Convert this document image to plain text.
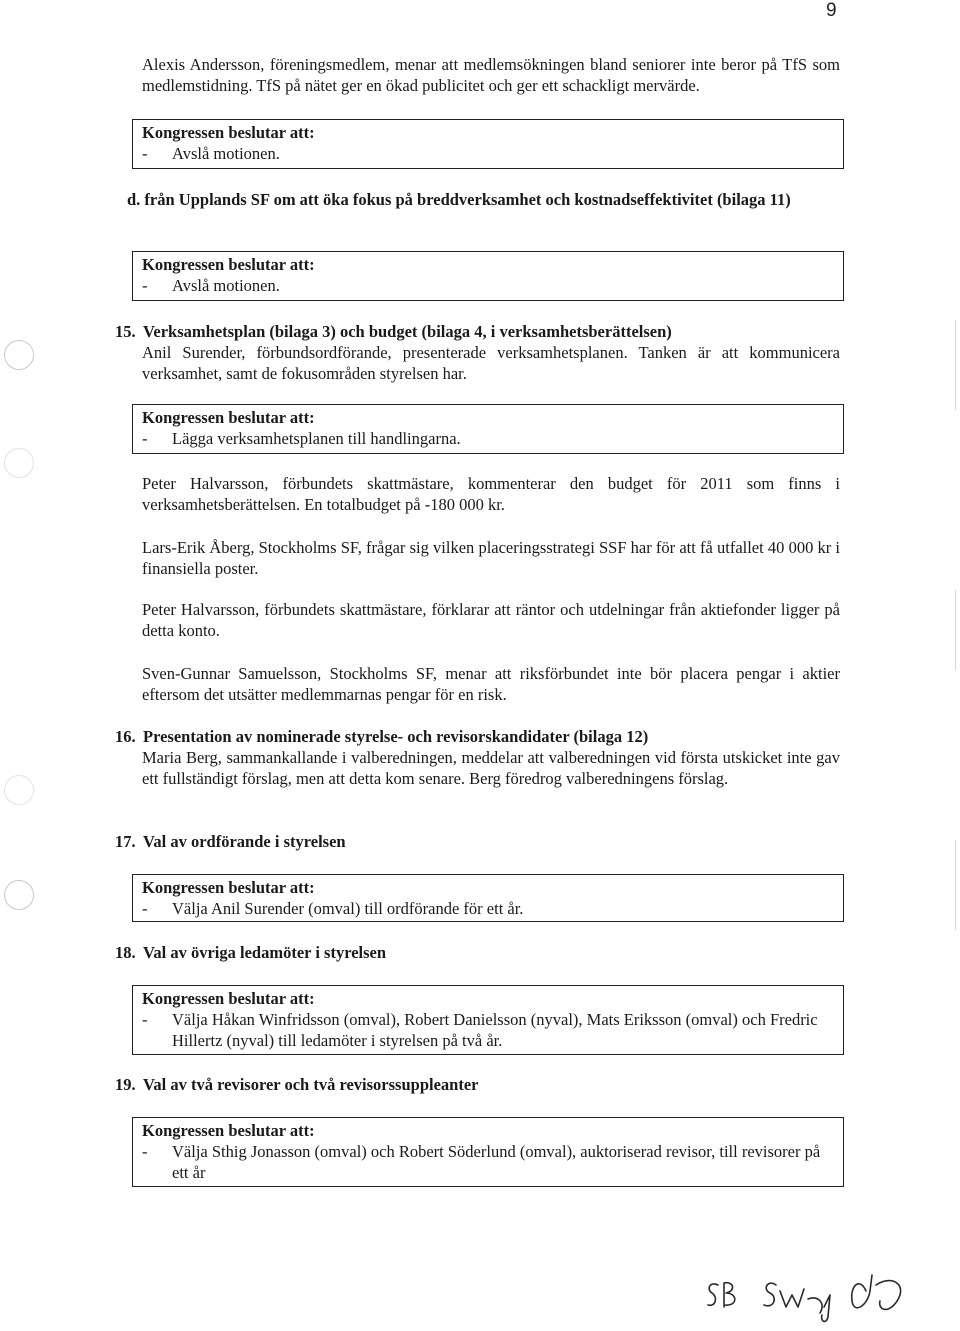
9

Alexis Andersson, föreningsmedlem, menar att medlemsökningen bland seniorer inte beror på TfS som medlemstidning. TfS på nätet ger en ökad publicitet och ger ett schackligt mervärde.

Kongressen beslutar att:
-	Avslå motionen.

d. från Upplands SF om att öka fokus på breddverksamhet och kostnadseffektivitet (bilaga 11)

Kongressen beslutar att:
-	Avslå motionen.

15. Verksamhetsplan (bilaga 3) och budget (bilaga 4, i verksamhetsberättelsen)

Anil Surender, förbundsordförande, presenterade verksamhetsplanen. Tanken är att kommunicera verksamhet, samt de fokusområden styrelsen har.

Kongressen beslutar att:
-	Lägga verksamhetsplanen till handlingarna.

Peter Halvarsson, förbundets skattmästare, kommenterar den budget för 2011 som finns i verksamhetsberättelsen. En totalbudget på -180 000 kr.

Lars-Erik Åberg, Stockholms SF, frågar sig vilken placeringsstrategi SSF har för att få utfallet 40 000 kr i finansiella poster.

Peter Halvarsson, förbundets skattmästare, förklarar att räntor och utdelningar från aktiefonder ligger på detta konto.

Sven-Gunnar Samuelsson, Stockholms SF, menar att riksförbundet inte bör placera pengar i aktier eftersom det utsätter medlemmarnas pengar för en risk.

16. Presentation av nominerade styrelse- och revisorskandidater (bilaga 12)

Maria Berg, sammankallande i valberedningen, meddelar att valberedningen vid första utskicket inte gav ett fullständigt förslag, men att detta kom senare. Berg föredrog valberedningens förslag.

17. Val av ordförande i styrelsen

Kongressen beslutar att:
-	Välja Anil Surender (omval) till ordförande för ett år.

18. Val av övriga ledamöter i styrelsen

Kongressen beslutar att:
-	Välja Håkan Winfridsson (omval), Robert Danielsson (nyval), Mats Eriksson (omval) och Fredric Hillertz (nyval) till ledamöter i styrelsen på två år.

19. Val av två revisorer och två revisorssuppleanter

Kongressen beslutar att:
-	Välja Sthig Jonasson (omval) och Robert Söderlund (omval), auktoriserad revisor, till revisorer på ett år
